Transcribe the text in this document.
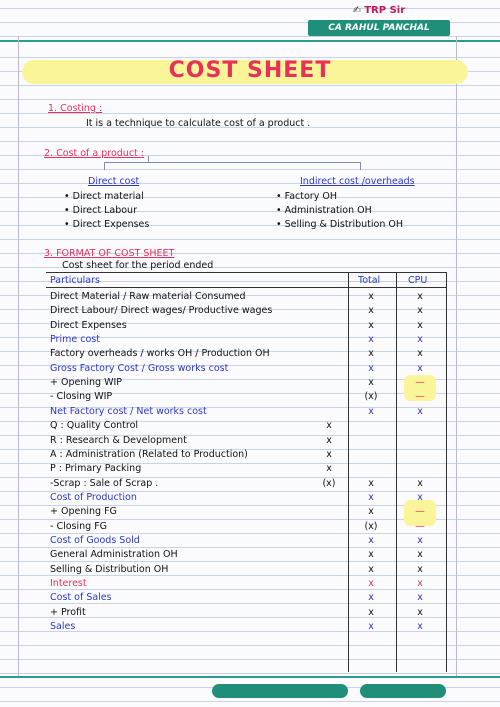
✍ TRP Sir
CA RAHUL PANCHAL
COST SHEET
1. Costing :
It is a technique to calculate cost of a product .
2. Cost of a product :
Direct cost	Indirect cost /overheads
• Direct material
• Direct Labour
• Direct Expenses
• Factory OH
• Administration OH
• Selling & Distribution OH
3. FORMAT OF COST SHEET
Cost sheet for the period ended
Particulars	Total	CPU
Direct Material / Raw material Consumed	x	x
Direct Labour/ Direct wages/ Productive wages	x	x
Direct Expenses	x	x
Prime cost	x	x
Factory overheads / works OH / Production OH	x	x
Gross Factory Cost / Gross works cost	x	x
+ Opening WIP	x	—
- Closing WIP	(x)	—
Net Factory cost / Net works cost	x	x
Q : Quality Control	x
R : Research & Development	x
A : Administration (Related to Production)	x
P : Primary Packing	x
-Scrap : Sale of Scrap .	(x)	x	x
Cost of Production	x	x
+ Opening FG	x	—
- Closing FG	(x)	—
Cost of Goods Sold	x	x
General Administration OH	x	x
Selling & Distribution OH	x	x
Interest	x	x
Cost of Sales	x	x
+ Profit	x	x
Sales	x	x
